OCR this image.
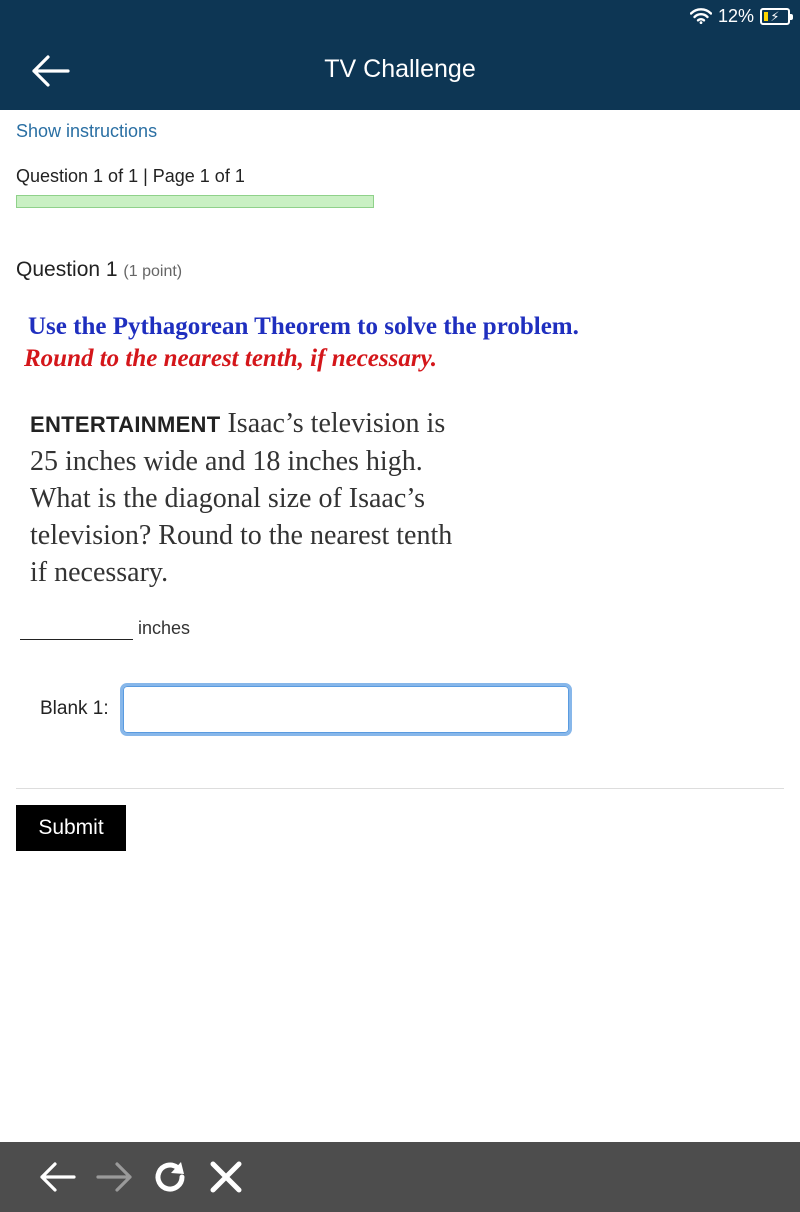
12% ⚡
TV Challenge
Show instructions
Question 1 of 1 | Page 1 of 1
Question 1 (1 point)
Use the Pythagorean Theorem to solve the problem.
Round to the nearest tenth, if necessary.
ENTERTAINMENT Isaac’s television is
25 inches wide and 18 inches high.
What is the diagonal size of Isaac’s
television? Round to the nearest tenth
if necessary.
inches
Blank 1:
Submit
